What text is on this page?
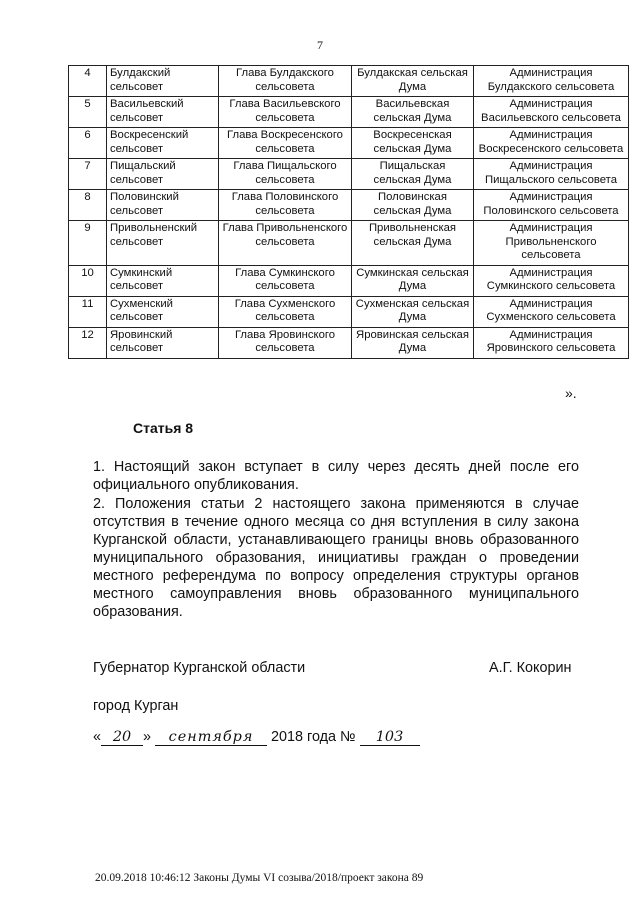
7
4	Булдакский сельсовет	Глава Булдакского сельсовета	Булдакская сельская Дума	Администрация Булдакского сельсовета
5	Васильевский сельсовет	Глава Васильевского сельсовета	Васильевская сельская Дума	Администрация Васильевского сельсовета
6	Воскресенский сельсовет	Глава Воскресенского сельсовета	Воскресенская сельская Дума	Администрация Воскресенского сельсовета
7	Пищальский сельсовет	Глава Пищальского сельсовета	Пищальская сельская Дума	Администрация Пищальского сельсовета
8	Половинский сельсовет	Глава Половинского сельсовета	Половинская сельская Дума	Администрация Половинского сельсовета
9	Привольненский сельсовет	Глава Привольненского сельсовета	Привольненская сельская Дума	Администрация Привольненского сельсовета
10	Сумкинский сельсовет	Глава Сумкинского сельсовета	Сумкинская сельская Дума	Администрация Сумкинского сельсовета
11	Сухменский сельсовет	Глава Сухменского сельсовета	Сухменская сельская Дума	Администрация Сухменского сельсовета
12	Яровинский сельсовет	Глава Яровинского сельсовета	Яровинская сельская Дума	Администрация Яровинского сельсовета
».
Статья 8
1. Настоящий закон вступает в силу через десять дней после его официального опубликования.
2. Положения статьи 2 настоящего закона применяются в случае отсутствия в течение одного месяца со дня вступления в силу закона Курганской области, устанавливающего границы вновь образованного муниципального образования, инициативы граждан о проведении местного референдума по вопросу определения структуры органов местного самоуправления вновь образованного муниципального образования.
Губернатор Курганской области	А.Г. Кокорин
город Курган
« 20 » сентября 2018 года № 103
20.09.2018 10:46:12 Законы Думы VI созыва/2018/проект закона 89
